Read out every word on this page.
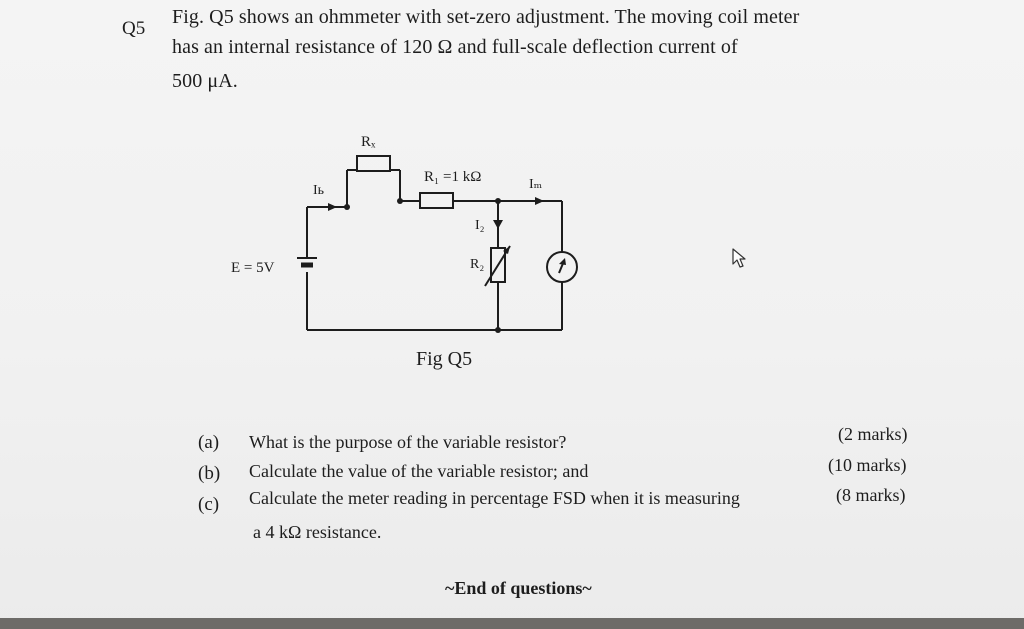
Q5
Fig. Q5 shows an ohmmeter with set-zero adjustment. The moving coil meter
has an internal resistance of 120 Ω and full-scale deflection current of
500 μA.
Rₓ
R₁ =1 kΩ
Iь	Iₘ
I₂
R₂
E = 5V
Fig Q5
(a) What is the purpose of the variable resistor?	(2 marks)
(b) Calculate the value of the variable resistor; and	(10 marks)
(c) Calculate the meter reading in percentage FSD when it is measuring	(8 marks)
a 4 kΩ resistance.
~End of questions~
